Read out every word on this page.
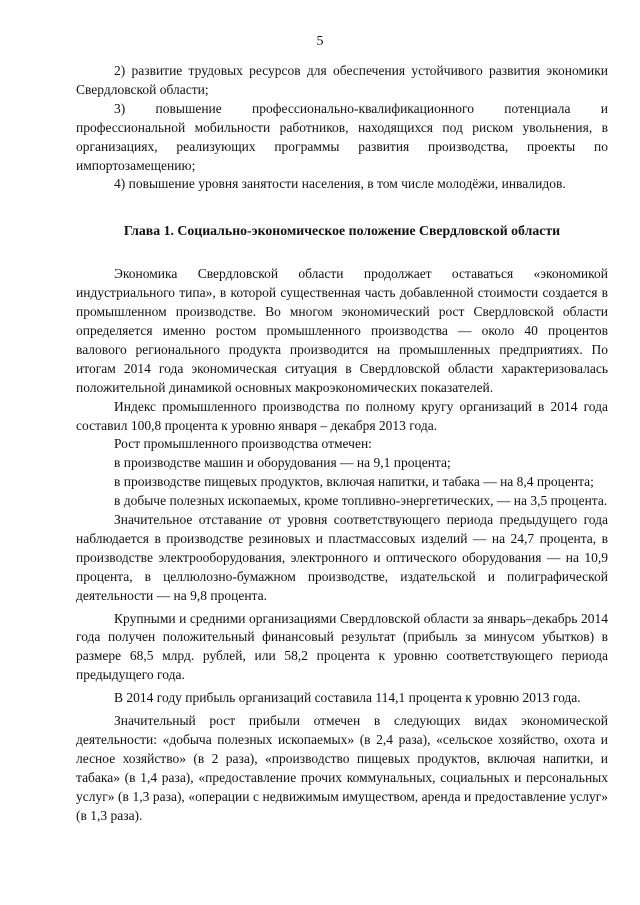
5

2) развитие трудовых ресурсов для обеспечения устойчивого развития экономики Свердловской области;

3) повышение профессионально-квалификационного потенциала и профессиональной мобильности работников, находящихся под риском увольнения, в организациях, реализующих программы развития производства, проекты по импортозамещению;

4) повышение уровня занятости населения, в том числе молодёжи, инвалидов.

Глава 1. Социально-экономическое положение Свердловской области

Экономика Свердловской области продолжает оставаться «экономикой индустриального типа», в которой существенная часть добавленной стоимости создается в промышленном производстве. Во многом экономический рост Свердловской области определяется именно ростом промышленного производства — около 40 процентов валового регионального продукта производится на промышленных предприятиях. По итогам 2014 года экономическая ситуация в Свердловской области характеризовалась положительной динамикой основных макроэкономических показателей.

Индекс промышленного производства по полному кругу организаций в 2014 года составил 100,8 процента к уровню января – декабря 2013 года.

Рост промышленного производства отмечен:

в производстве машин и оборудования — на 9,1 процента;

в производстве пищевых продуктов, включая напитки, и табака — на 8,4 процента;

в добыче полезных ископаемых, кроме топливно-энергетических, — на 3,5 процента.

Значительное отставание от уровня соответствующего периода предыдущего года наблюдается в производстве резиновых и пластмассовых изделий — на 24,7 процента, в производстве электрооборудования, электронного и оптического оборудования — на 10,9 процента, в целлюлозно-бумажном производстве, издательской и полиграфической деятельности — на 9,8 процента.

Крупными и средними организациями Свердловской области за январь–декабрь 2014 года получен положительный финансовый результат (прибыль за минусом убытков) в размере 68,5 млрд. рублей, или 58,2 процента к уровню соответствующего периода предыдущего года.

В 2014 году прибыль организаций составила 114,1 процента к уровню 2013 года.

Значительный рост прибыли отмечен в следующих видах экономической деятельности: «добыча полезных ископаемых» (в 2,4 раза), «сельское хозяйство, охота и лесное хозяйство» (в 2 раза), «производство пищевых продуктов, включая напитки, и табака» (в 1,4 раза), «предоставление прочих коммунальных, социальных и персональных услуг» (в 1,3 раза), «операции с недвижимым имуществом, аренда и предоставление услуг» (в 1,3 раза).
